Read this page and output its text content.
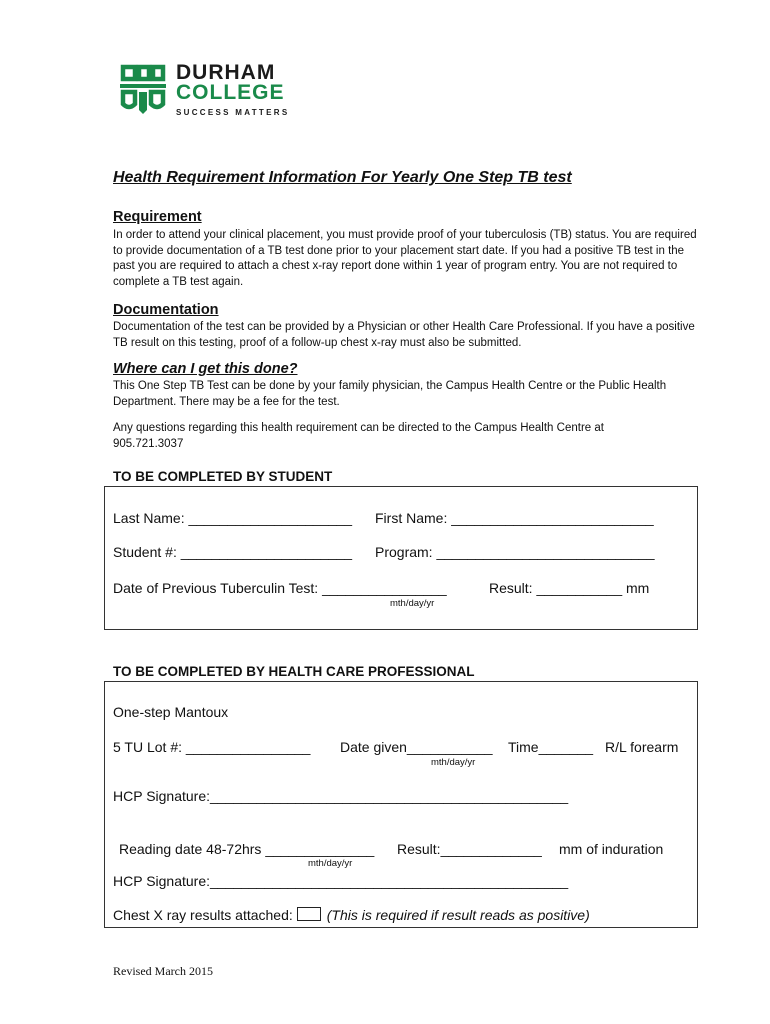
DURHAM
COLLEGE
SUCCESS MATTERS
Health Requirement Information For Yearly One Step TB test
Requirement
In order to attend your clinical placement, you must provide proof of your tuberculosis (TB) status. You are required to provide documentation of a TB test done prior to your placement start date. If you had a positive TB test in the past you are required to attach a chest x-ray report done within 1 year of program entry. You are not required to complete a TB test again.
Documentation
Documentation of the test can be provided by a Physician or other Health Care Professional. If you have a positive TB result on this testing, proof of a follow-up chest x-ray must also be submitted.
Where can I get this done?
This One Step TB Test can be done by your family physician, the Campus Health Centre or the Public Health Department. There may be a fee for the test.
Any questions regarding this health requirement can be directed to the Campus Health Centre at 905.721.3037
TO BE COMPLETED BY STUDENT
Last Name: _____________________ First Name: __________________________
Student #: ______________________ Program: ____________________________
Date of Previous Tuberculin Test: ________________	Result: ___________ mm
mth/day/yr
TO BE COMPLETED BY HEALTH CARE PROFESSIONAL
One-step Mantoux
5 TU Lot #: ________________ Date given___________ Time_______ R/L forearm
mth/day/yr
HCP Signature:______________________________________________
Reading date 48-72hrs ______________ Result:_____________ mm of induration
mth/day/yr
HCP Signature:______________________________________________
Chest X ray results attached: (This is required if result reads as positive)
Revised March 2015
